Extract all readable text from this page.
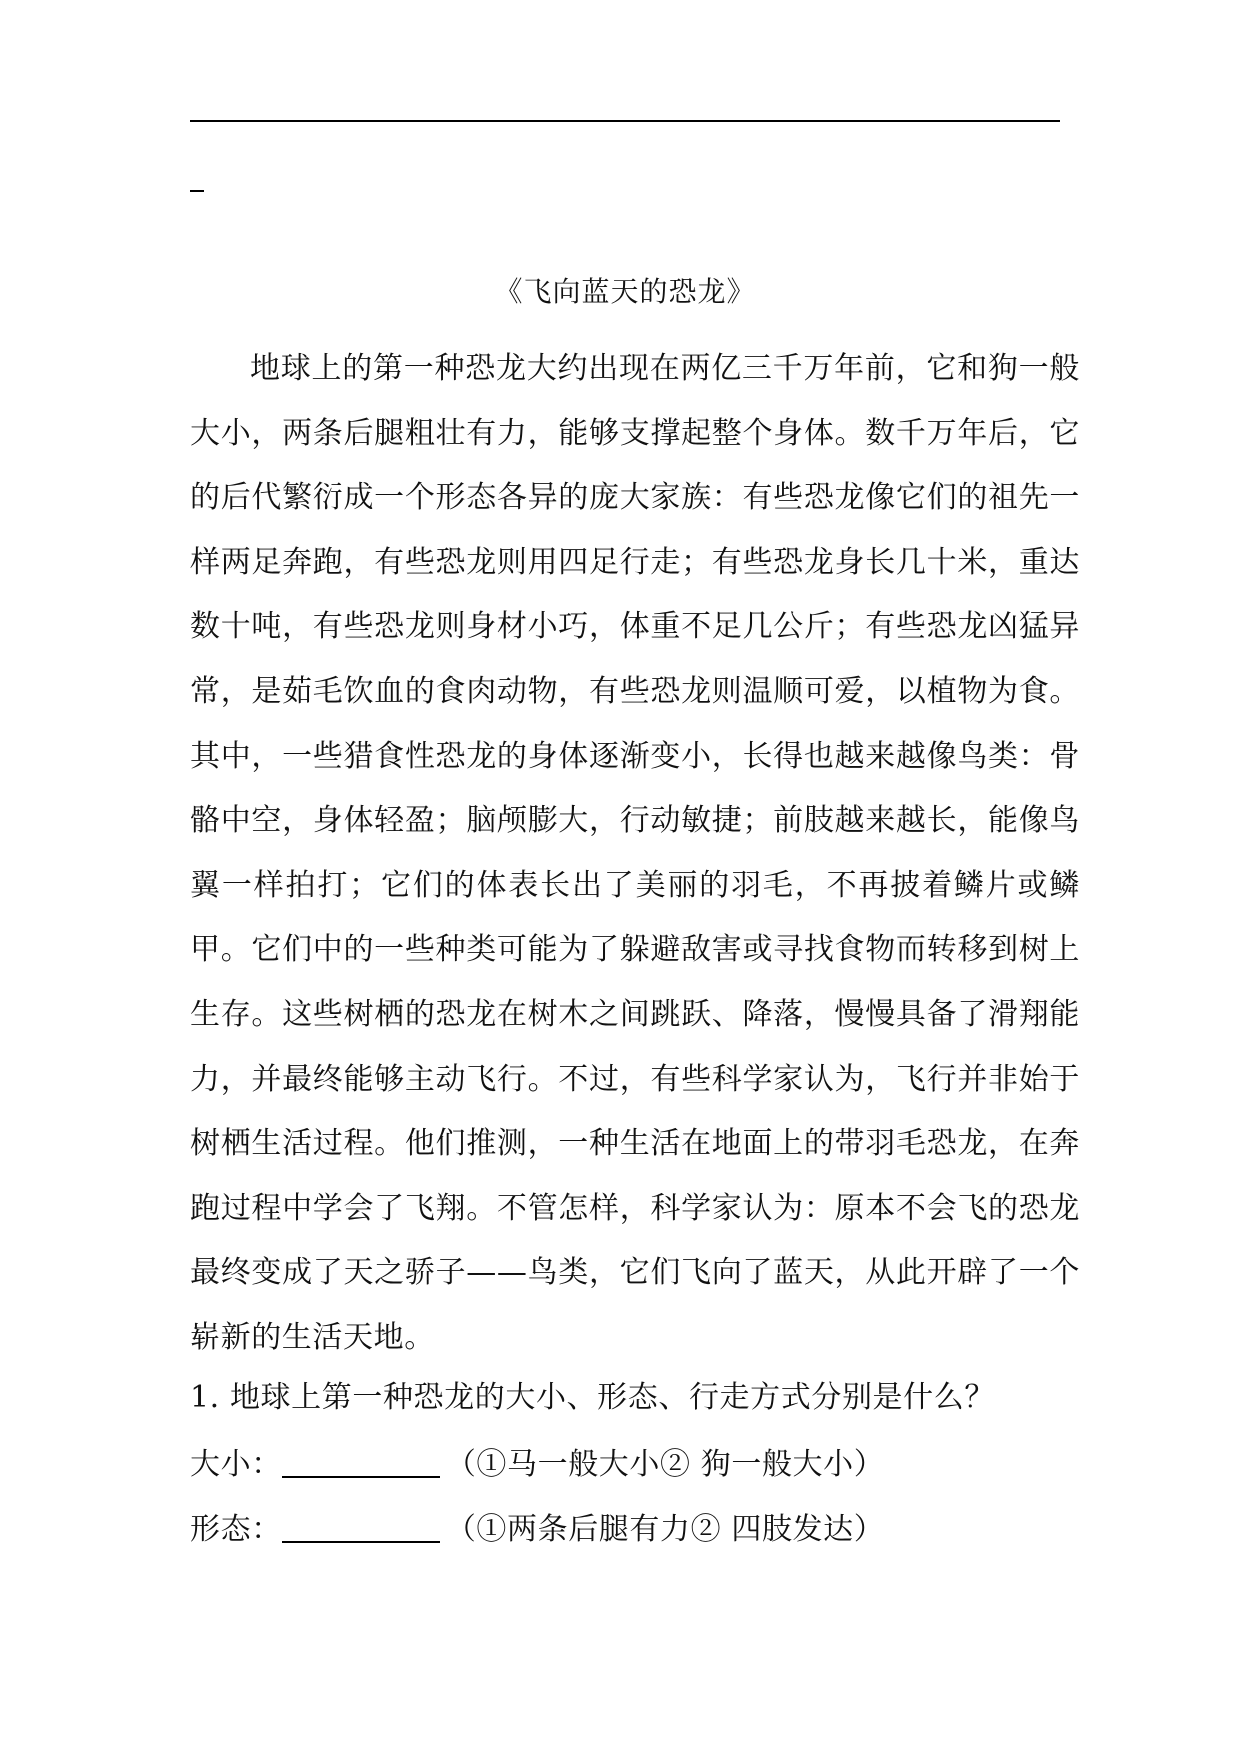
《飞向蓝天的恐龙》

地球上的第一种恐龙大约出现在两亿三千万年前，它和狗一般大小，两条后腿粗壮有力，能够支撑起整个身体。数千万年后，它的后代繁衍成一个形态各异的庞大家族：有些恐龙像它们的祖先一样两足奔跑，有些恐龙则用四足行走；有些恐龙身长几十米，重达数十吨，有些恐龙则身材小巧，体重不足几公斤；有些恐龙凶猛异常，是茹毛饮血的食肉动物，有些恐龙则温顺可爱，以植物为食。其中，一些猎食性恐龙的身体逐渐变小，长得也越来越像鸟类：骨骼中空，身体轻盈；脑颅膨大，行动敏捷；前肢越来越长，能像鸟翼一样拍打；它们的体表长出了美丽的羽毛，不再披着鳞片或鳞甲。它们中的一些种类可能为了躲避敌害或寻找食物而转移到树上生存。这些树栖的恐龙在树木之间跳跃、降落，慢慢具备了滑翔能力，并最终能够主动飞行。不过，有些科学家认为，飞行并非始于树栖生活过程。他们推测，一种生活在地面上的带羽毛恐龙，在奔跑过程中学会了飞翔。不管怎样，科学家认为：原本不会飞的恐龙最终变成了天之骄子——鸟类，它们飞向了蓝天，从此开辟了一个崭新的生活天地。

1. 地球上第一种恐龙的大小、形态、行走方式分别是什么？
大小：	（①马一般大小② 狗一般大小）
形态：	（①两条后腿有力② 四肢发达）
